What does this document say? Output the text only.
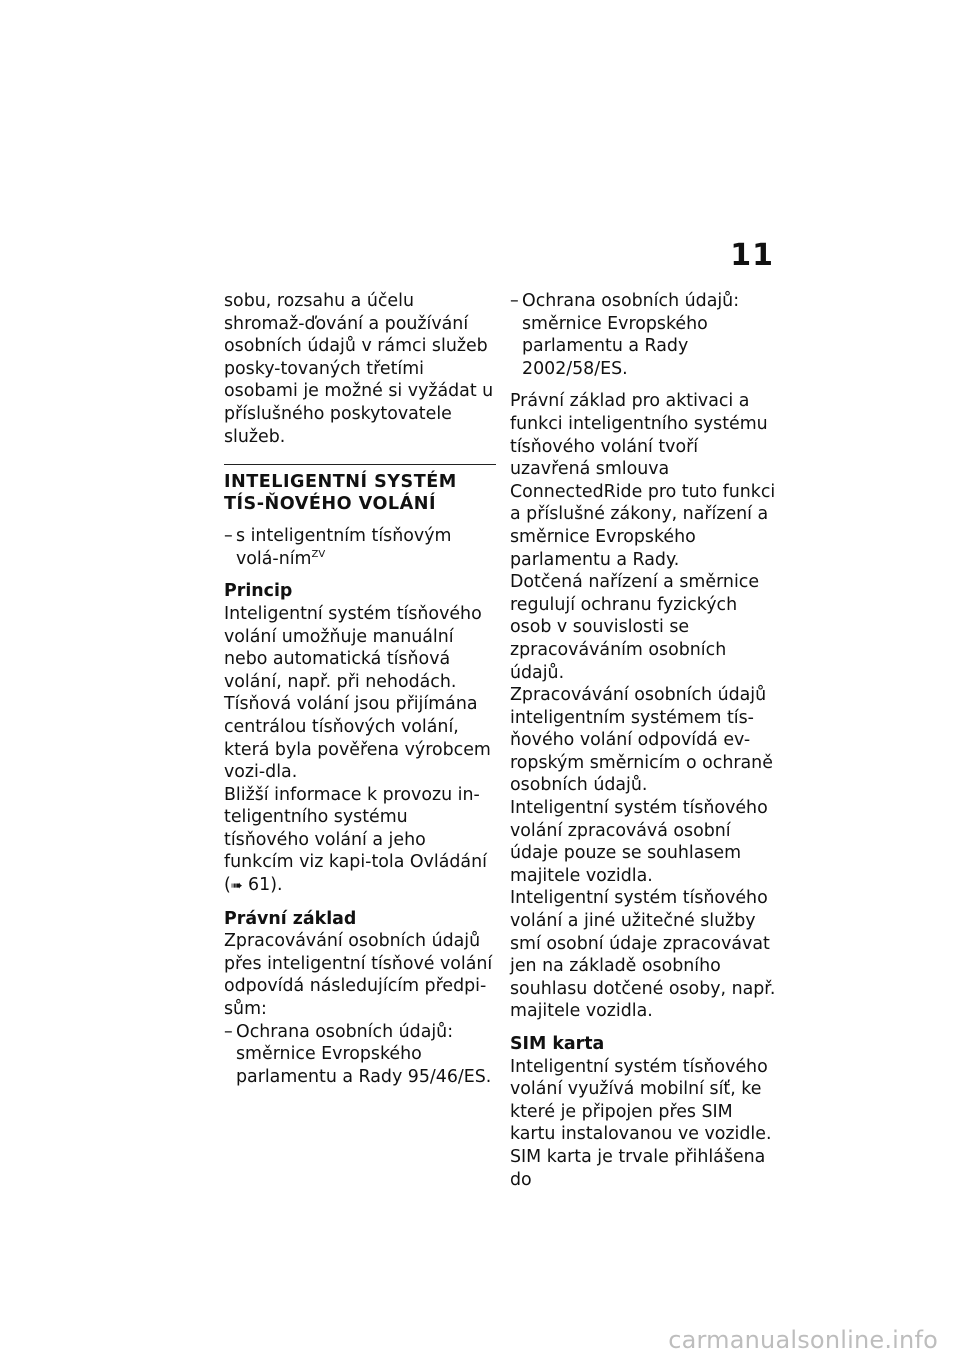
11

sobu, rozsahu a účelu shromaž-ďování a používání osobních údajů v rámci služeb posky-tovaných třetími osobami je možné si vyžádat u příslušného poskytovatele služeb.

INTELIGENTNÍ SYSTÉM TÍS-ŇOVÉHO VOLÁNÍ

– s inteligentním tísňovým volá-ním$^{ZV}$

Princip

Inteligentní systém tísňového volání umožňuje manuální nebo automatická tísňová volání, např. při nehodách.

Tísňová volání jsou přijímána centrálou tísňových volání, která byla pověřena výrobcem vozi-dla.

Bližší informace k provozu in-teligentního systému tísňového volání a jeho funkcím viz kapi-tola Ovládání (➠ 61).

Právní základ

Zpracovávání osobních údajů přes inteligentní tísňové volání odpovídá následujícím předpi-sům:

– Ochrana osobních údajů: směrnice Evropského parlamentu a Rady 95/46/ES.

– Ochrana osobních údajů: směrnice Evropského parlamentu a Rady 2002/58/ES.

Právní základ pro aktivaci a funkci inteligentního systému tísňového volání tvoří uzavřená smlouva ConnectedRide pro tuto funkci a příslušné zákony, nařízení a směrnice Evropského parlamentu a Rady.

Dotčená nařízení a směrnice regulují ochranu fyzických osob v souvislosti se zpracováváním osobních údajů.

Zpracovávání osobních údajů inteligentním systémem tís-ňového volání odpovídá ev-ropským směrnicím o ochraně osobních údajů.

Inteligentní systém tísňového volání zpracovává osobní údaje pouze se souhlasem majitele vozidla.

Inteligentní systém tísňového volání a jiné užitečné služby smí osobní údaje zpracovávat jen na základě osobního souhlasu dotčené osoby, např. majitele vozidla.

SIM karta

Inteligentní systém tísňového volání využívá mobilní síť, ke které je připojen přes SIM kartu instalovanou ve vozidle. SIM karta je trvale přihlášena do

carmanualsonline.info
